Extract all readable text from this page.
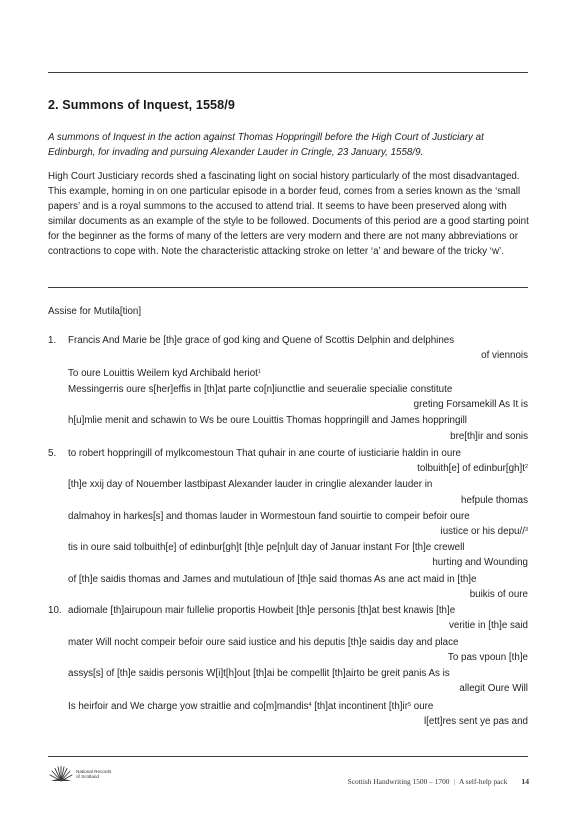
2. Summons of Inquest, 1558/9

A summons of Inquest in the action against Thomas Hoppringill before the High Court of Justiciary at Edinburgh, for invading and pursuing Alexander Lauder in Cringle, 23 January, 1558/9.

High Court Justiciary records shed a fascinating light on social history particularly of the most disadvantaged. This example, homing in on one particular episode in a border feud, comes from a series known as the ‘small papers’ and is a royal summons to the accused to attend trial. It seems to have been preserved along with similar documents as an example of the style to be followed. Documents of this period are a good starting point for the beginner as the forms of many of the letters are very modern and there are not many abbreviations or contractions to cope with. Note the characteristic attacking stroke on letter ‘a’ and beware of the tricky ‘w’.

Assise for Mutila[tion]

1.
5.
10.
Francis And Marie be [th]e grace of god king and Quene of Scottis Delphin and delphines
of viennois
To oure Louittis Weilem kyd Archibald heriot$^1$
Messingerris oure s[her]effis in [th]at parte co[n]iunctlie and seueralie specialie constitute
greting Forsamekill As It is
h[u]mlie menit and schawin to Ws be oure Louittis Thomas hoppringill and James hoppringill
bre[th]ir and sonis
to robert hoppringill of mylkcomestoun That quhair in ane courte of iusticiarie haldin in oure
tolbuith[e] of $edinbur[gh]t^2$
[th]e xxij day of Nouember lastbipast Alexander lauder in cringlie alexander lauder in
hefpule thomas
dalmahoy in harkes[s] and thomas lauder in Wormestoun fand souirtie to compeir befoir oure
iustice or his depu//$^3$
tis in oure said tolbuith[e] of edinbur[gh]t [th]e pe[n]ult day of Januar instant For [th]e crewell
hurting and Wounding
of [th]e saidis thomas and James and mutulatioun of [th]e said thomas As ane act maid in [th]e
buikis of oure
adiomale [th]airupoun mair fullelie proportis Howbeit [th]e personis [th]at best knawis [th]e
veritie in [th]e said
mater Will nocht compeir befoir oure said iustice and his deputis [th]e saidis day and place
To pas vpoun [th]e
assys[s] of [th]e saidis personis W[i]t[h]out [th]ai be compellit [th]airto be greit panis As is
allegit Oure Will
Is heirfoir and We charge yow straitlie and co[m]mandis$^4$ [th]at incontinent $[th]ir^5$ oure
l[ett]res sent ye pas and
National Records of Scotland
Scottish Handwriting 1500 – 1700 | A self-help pack 14
